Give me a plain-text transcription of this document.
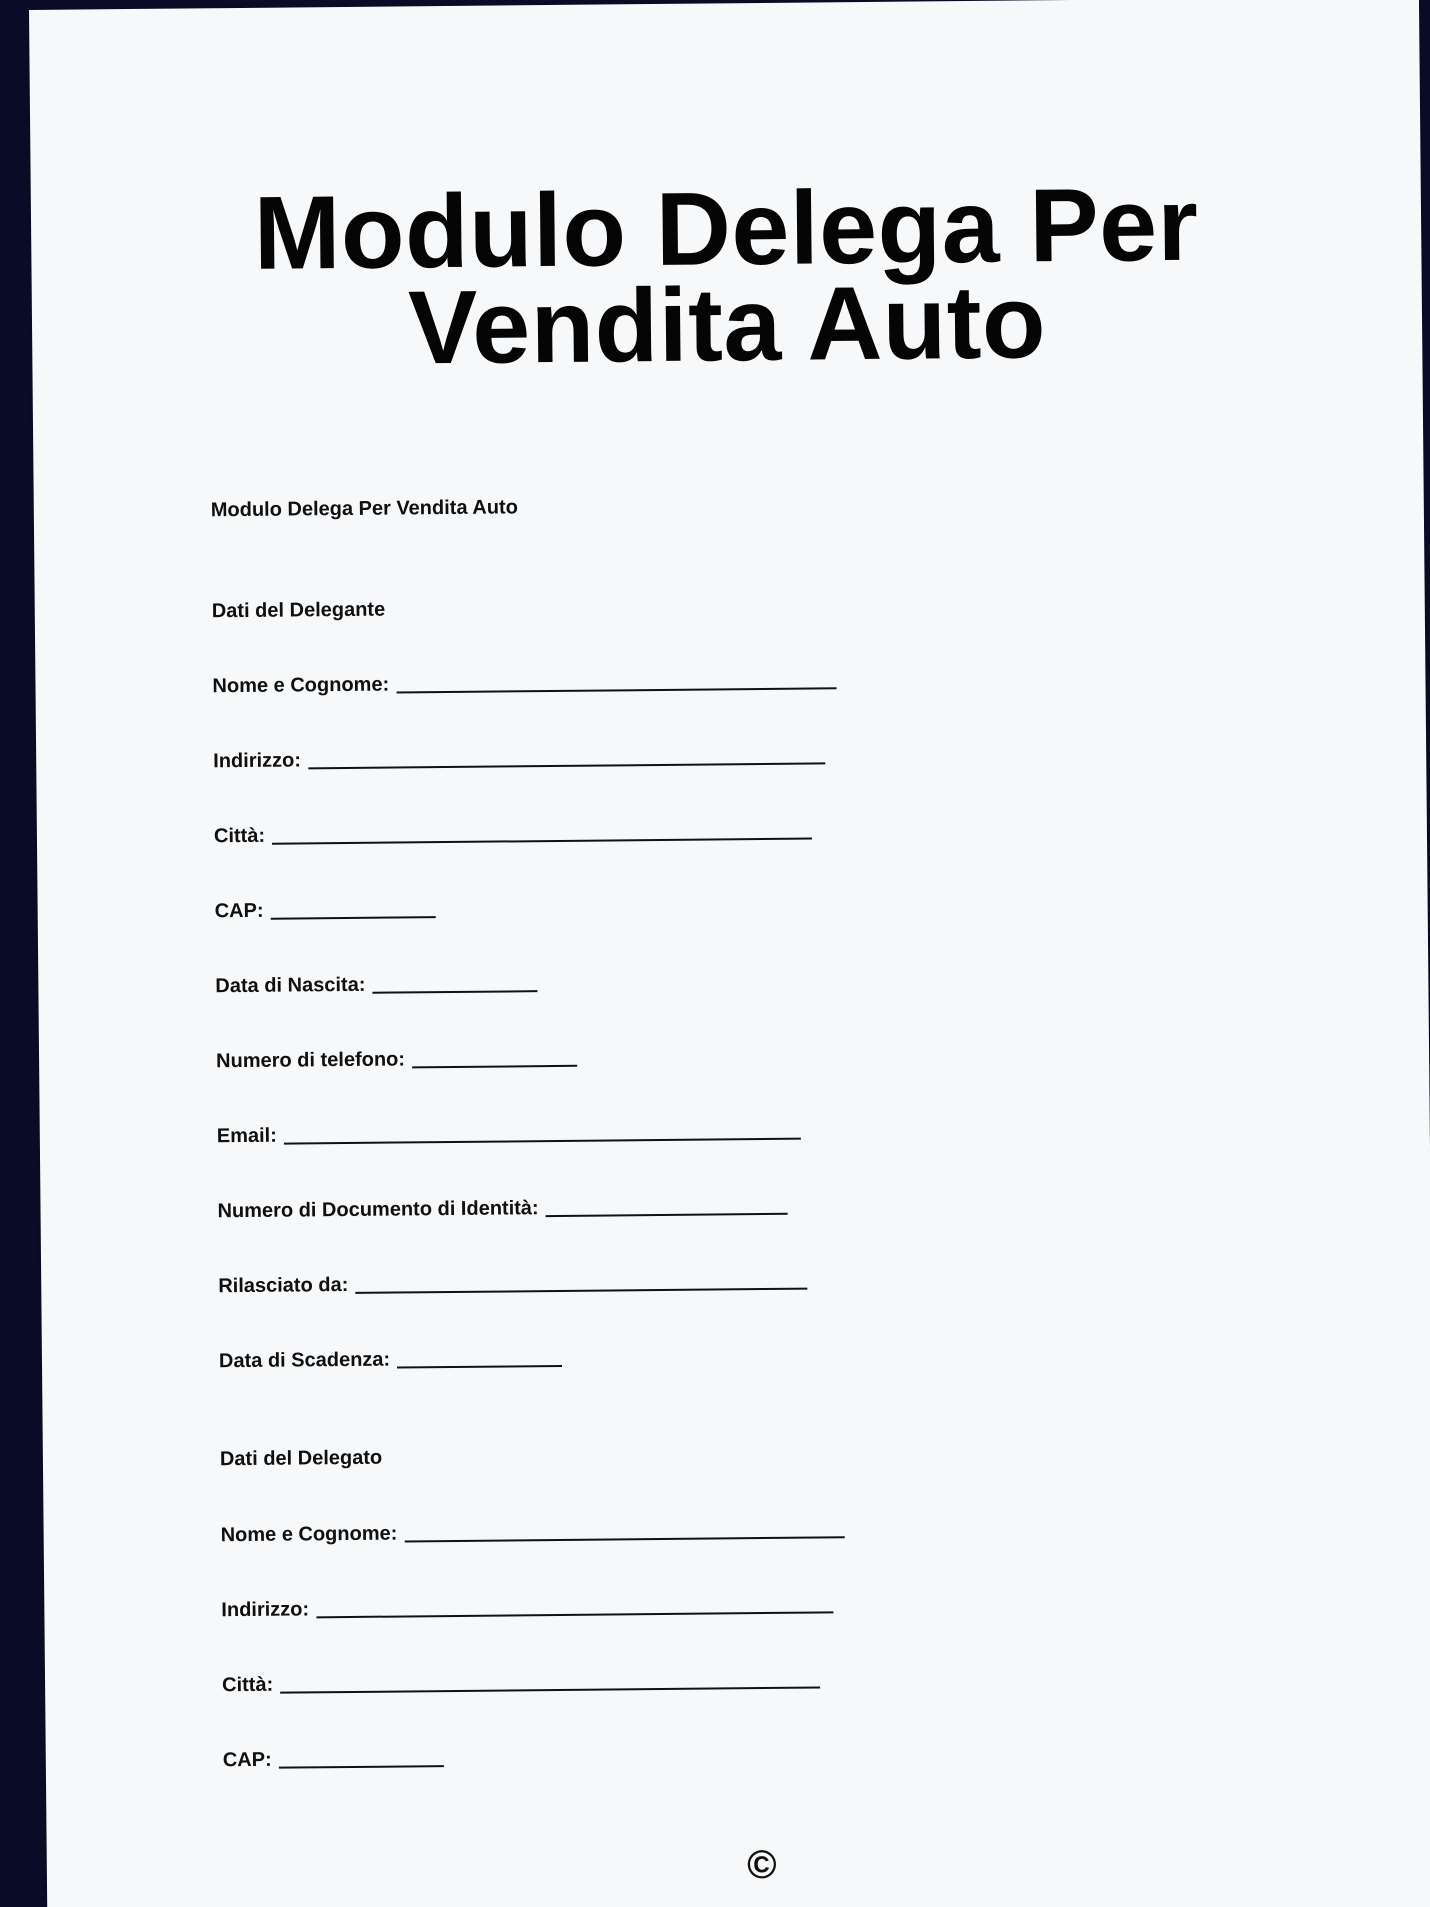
Modulo Delega Per Vendita Auto
Modulo Delega Per Vendita Auto
Dati del Delegante
Nome e Cognome:
Indirizzo:
Città:
CAP:
Data di Nascita:
Numero di telefono:
Email:
Numero di Documento di Identità:
Rilasciato da:
Data di Scadenza:
Dati del Delegato
Nome e Cognome:
Indirizzo:
Città:
CAP:
©
